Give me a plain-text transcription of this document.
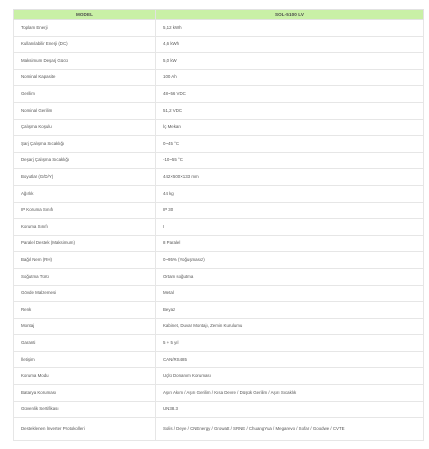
MODEL	SOL-5100 LV
Toplam Enerji	5,12 kWh
Kullanılabilir Enerji (DC)	4,6 kWh
Maksimum Deşarj Gücü	5,0 kW
Nominal Kapasite	100 Ah
Gerilim	48~56 VDC
Nominal Gerilim	51,2 VDC
Çalışma Koşulu	İç Mekan
Şarj Çalışma Sıcaklığı	0~45 °C
Deşarj Çalışma Sıcaklığı	-10~55 °C
Boyutlar (G/D/Y)	442×500×133 mm
Ağırlık	44 kg
IP Koruma Sınıfı	IP 30
Koruma Sınıfı	I
Paralel Destek (Maksimum)	8 Paralel
Bağıl Nem (RH)	0~95% (Yoğuşmasız)
Soğutma Türü	Ortam soğutma
Gövde Malzemesi	Metal
Renk	Beyaz
Montaj	Kabinet, Duvar Montajı, Zemin Kurulumu
Garanti	5 + 5 yıl
İletişim	CAN/RS485
Koruma Modu	Uçlü Donanım Koruması
Batarya Koruması	Aşırı Akım / Aşırı Gerilim / Kısa Devre / Düşük Gerilim / Aşırı Sıcaklık
Güvenlik Sertifikası	UN38.3
Desteklenen İnverter Protokolleri	Solis / Deye / CNEnergy / Growatt / SRNE / ChuangYua / Megarevo / Sofar / Goodwe / CVTE
